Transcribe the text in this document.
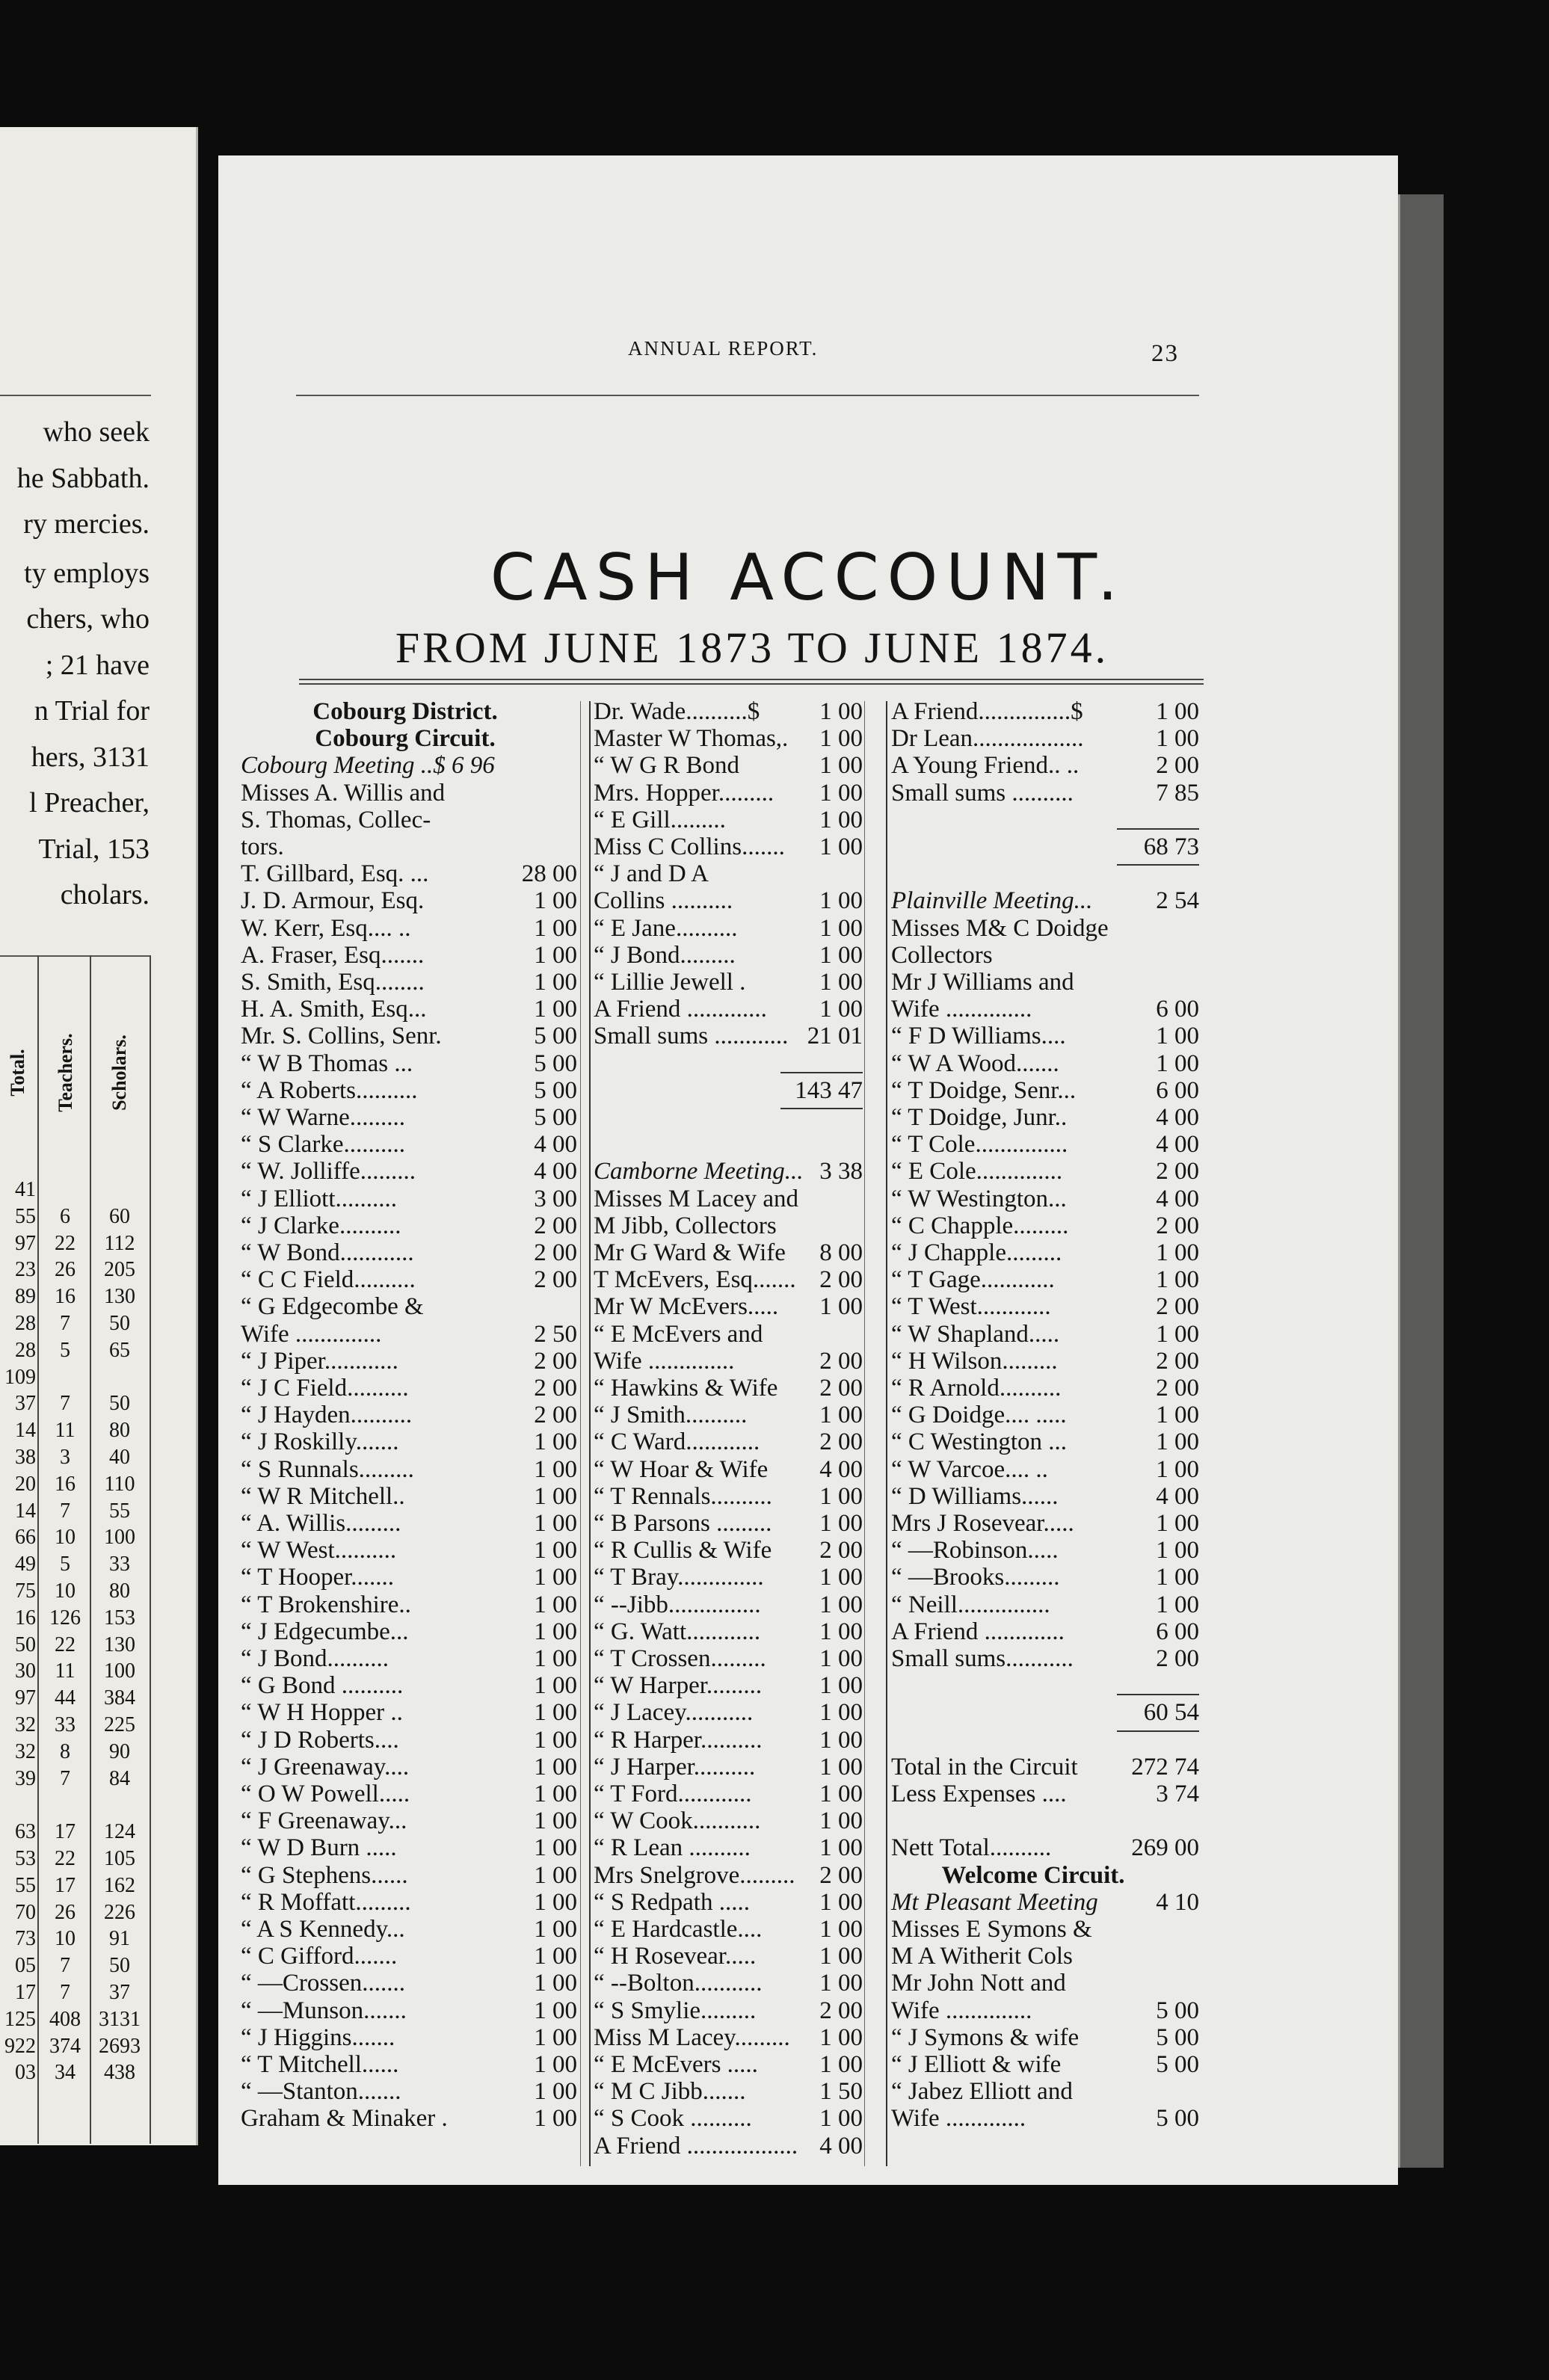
who seek
he Sabbath.
ry mercies.
ty employs
chers, who
; 21 have
n Trial for
hers, 3131
l Preacher,
Trial, 153
cholars.
Total. Teachers. Scholars.
41
55	6	60
97 22	112
23 26	205
89 16	130
28	7	50
28	5	65
109
37	7	50
14 11	80
38	3	40
20 16	110
14	7	55
66 10	100
49	5	33
75 10	80
16 126	153
50 22	130
30 11	100
97 44	384
32 33	225
32	8	90
39	7	84
63 17	124
53 22	105
55 17	162
70 26	226
73 10	91
05	7	50
17	7	37
125 408 3131
922 374 2693
03 34	438
ANNUAL REPORT.	23
CASH ACCOUNT.
FROM JUNE 1873 TO JUNE 1874.
Cobourg District.
Cobourg Circuit.
Cobourg Meeting ..$ 6 96
Misses A. Willis and
S. Thomas, Collec-
tors.
T. Gillbard, Esq. ...	28 00
J. D. Armour, Esq.	1 00
W. Kerr, Esq.... ..	1 00
A. Fraser, Esq.......	1 00
S. Smith, Esq........	1 00
H. A. Smith, Esq...	1 00
Mr. S. Collins, Senr.	5 00
“ W B Thomas ...	5 00
“ A Roberts..........	5 00
“ W Warne.........	5 00
“ S Clarke..........	4 00
“ W. Jolliffe.........	4 00
“ J Elliott..........	3 00
“ J Clarke..........	2 00
“ W Bond............	2 00
“ C C Field..........	2 00
“ G Edgecombe &
Wife ..............	2 50
“ J Piper............	2 00
“ J C Field..........	2 00
“ J Hayden..........	2 00
“ J Roskilly.......	1 00
“ S Runnals.........	1 00
“ W R Mitchell..	1 00
“ A. Willis.........	1 00
“ W West..........	1 00
“ T Hooper.......	1 00
“ T Brokenshire..	1 00
“ J Edgecumbe...	1 00
“ J Bond..........	1 00
“ G Bond ..........	1 00
“ W H Hopper ..	1 00
“ J D Roberts....	1 00
“ J Greenaway....	1 00
“ O W Powell.....	1 00
“ F Greenaway...	1 00
“ W D Burn .....	1 00
“ G Stephens......	1 00
“ R Moffatt.........	1 00
“ A S Kennedy...	1 00
“ C Gifford.......	1 00
“ —Crossen.......	1 00
“ —Munson.......	1 00
“ J Higgins.......	1 00
“ T Mitchell......	1 00
“ —Stanton.......	1 00
Graham & Minaker .	1 00
Dr. Wade..........$ 1 00
Master W Thomas,. 1 00
“ W G R Bond	1 00
Mrs. Hopper......... 1 00
“ E Gill.........	1 00
Miss C Collins....... 1 00
“ J and D A
Collins ..........	1 00
“ E Jane..........	1 00
“ J Bond.........	1 00
“ Lillie Jewell .	1 00
A Friend ............. 1 00
Small sums ............ 21 01
143 47
Camborne Meeting... 3 38
Misses M Lacey and
M Jibb, Collectors
Mr G Ward & Wife 8 00
T McEvers, Esq....... 2 00
Mr W McEvers..... 1 00
“ E McEvers and
Wife ..............	2 00
“ Hawkins & Wife 2 00
“ J Smith..........	1 00
“ C Ward............ 2 00
“ W Hoar & Wife 4 00
“ T Rennals.......... 1 00
“ B Parsons ......... 1 00
“ R Cullis & Wife 2 00
“ T Bray.............. 1 00
“ --Jibb............... 1 00
“ G. Watt............ 1 00
“ T Crossen......... 1 00
“ W Harper......... 1 00
“ J Lacey...........	1 00
“ R Harper.......... 1 00
“ J Harper..........	1 00
“ T Ford............	1 00
“ W Cook........... 1 00
“ R Lean ..........	1 00
Mrs Snelgrove......... 2 00
“ S Redpath .....	1 00
“ E Hardcastle.... 1 00
“ H Rosevear.....	1 00
“ --Bolton........... 1 00
“ S Smylie.........	2 00
Miss M Lacey......... 1 00
“ E McEvers ..... 1 00
“ M C Jibb.......	1 50
“ S Cook ..........	1 00
A Friend .................. 4 00
A Friend...............$	1 00
Dr Lean..................	1 00
A Young Friend.. ..	2 00
Small sums ..........	7 85
68 73
Plainville Meeting...	2 54
Misses M& C Doidge
Collectors
Mr J Williams and
Wife ..............	6 00
“ F D Williams....	1 00
“ W A Wood.......	1 00
“ T Doidge, Senr...	6 00
“ T Doidge, Junr..	4 00
“ T Cole...............	4 00
“ E Cole..............	2 00
“ W Westington...	4 00
“ C Chapple.........	2 00
“ J Chapple.........	1 00
“ T Gage............	1 00
“ T West............	2 00
“ W Shapland.....	1 00
“ H Wilson.........	2 00
“ R Arnold..........	2 00
“ G Doidge.... .....	1 00
“ C Westington ...	1 00
“ W Varcoe.... ..	1 00
“ D Williams......	4 00
Mrs J Rosevear.....	1 00
“ —Robinson.....	1 00
“ —Brooks.........	1 00
“ Neill...............	1 00
A Friend .............	6 00
Small sums...........	2 00
60 54
Total in the Circuit 272 74
Less Expenses ....	3 74
Nett Total..........	269 00
Welcome Circuit.
Mt Pleasant Meeting 4 10
Misses E Symons &
M A Witherit Cols
Mr John Nott and
Wife ..............	5 00
“ J Symons & wife	5 00
“ J Elliott & wife	5 00
“ Jabez Elliott and
Wife .............	5 00
